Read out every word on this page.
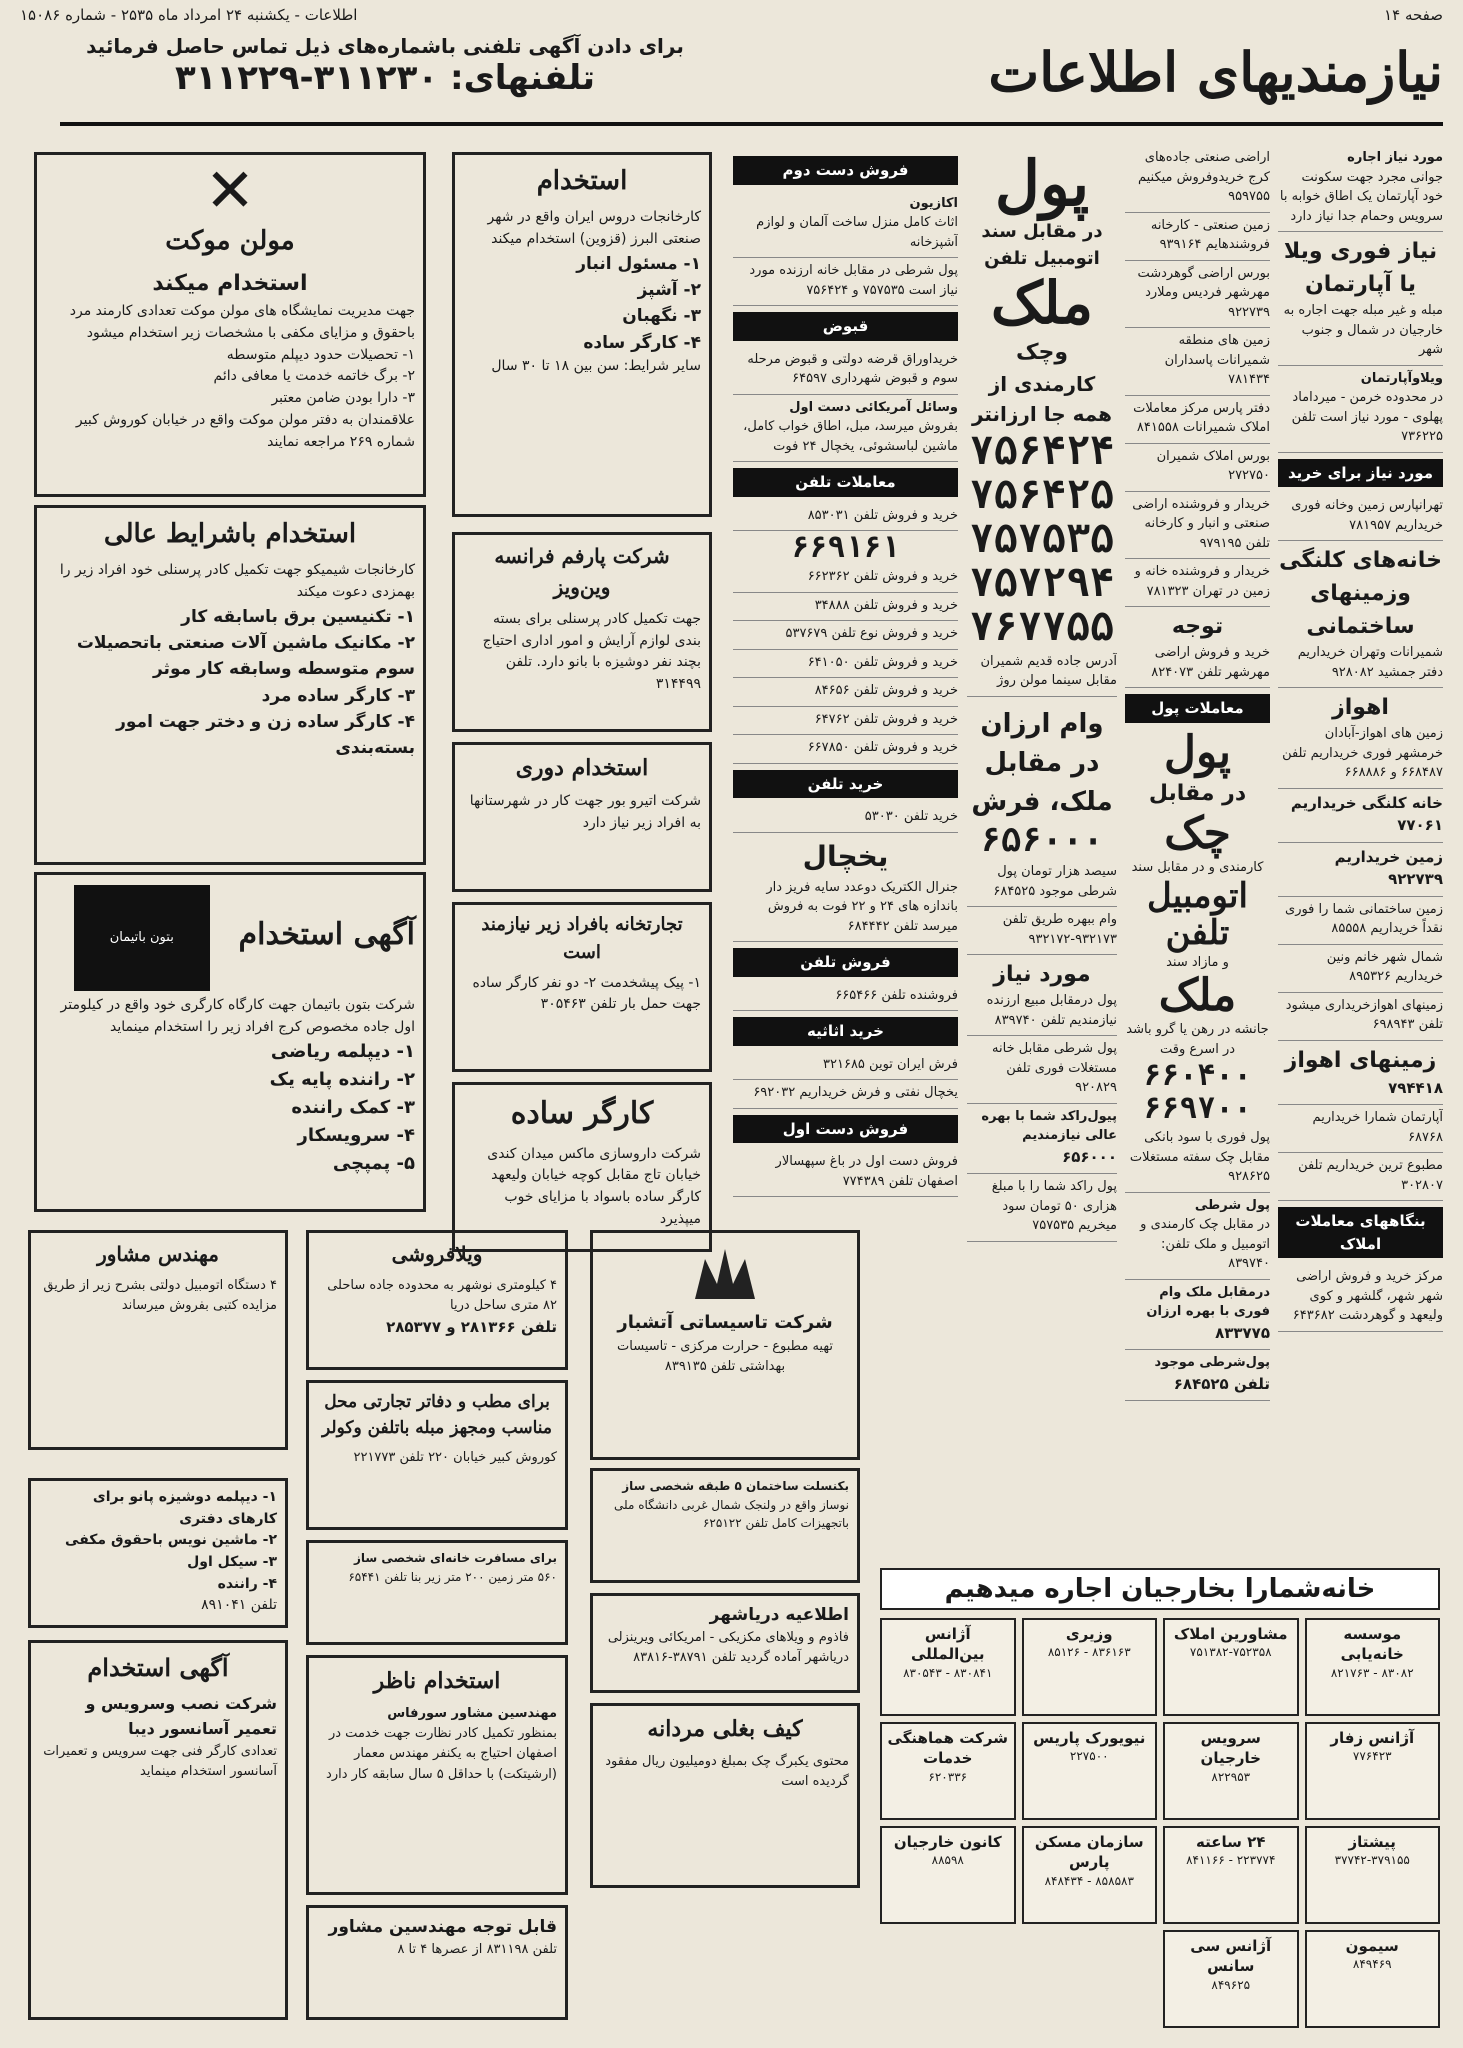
صفحه ۱۴
اطلاعات - یکشنبه ۲۴ امرداد ماه ۲۵۳۵ - شماره ۱۵۰۸۶
نیازمندیهای اطلاعات
برای دادن آگهی تلفنی باشماره‌های ذیل تماس حاصل فرمائید
تلفنهای: ۳۱۱۲۳۰-۳۱۱۲۲۹
مورد نیاز اجاره
جوانی مجرد جهت سکونت خود آپارتمان یک اطاق خوابه با سرویس وحمام جدا نیاز دارد
نیاز فوری ویلا یا آپارتمان
مبله و غیر مبله جهت اجاره به خارجیان در شمال و جنوب شهر
ویلاوآپارتمان
در محدوده خرمن - میرداماد پهلوی - مورد نیاز است تلفن ۷۳۶۲۲۵
مورد نیاز برای خرید
تهرانپارس زمین وخانه فوری خریداریم ۷۸۱۹۵۷
خانه‌های کلنگی وزمینهای ساختمانی
شمیرانات وتهران خریداریم دفتر جمشید ۹۲۸۰۸۲
اهواز
زمین های اهواز-آبادان خرمشهر فوری خریداریم تلفن ۶۶۸۴۸۷ و ۶۶۸۸۸۶
خانه کلنگی خریداریم ۷۷۰۶۱
زمین خریداریم ۹۲۲۷۳۹
زمین ساختمانی شما را فوری نقداً خریداریم ۸۵۵۵۸
شمال شهر خانم ونین خریداریم ۸۹۵۳۲۶
زمینهای اهوازخریداری میشود تلفن ۶۹۸۹۴۳
زمینهای اهواز
۷۹۴۴۱۸
آپارتمان شمارا خریداریم ۶۸۷۶۸
مطبوع ترین خریداریم تلفن ۳۰۲۸۰۷
بنگاههای معاملات املاک
مرکز خرید و فروش اراضی شهر شهر، گلشهر و کوی ولیعهد و گوهردشت ۶۴۳۶۸۲
اراضی صنعتی جاده‌های کرج خریدوفروش‌ میکنیم ۹۵۹۷۵۵
زمین صنعتی - کارخانه فروشندهایم ۹۳۹۱۶۴
بورس اراضی گوهردشت مهرشهر فردیس وملارد ۹۲۲۷۳۹
زمین های منطقه شمیرانات پاسداران ۷۸۱۴۳۴
دفتر پارس مرکز معاملات املاک شمیرانات ۸۴۱۵۵۸
بورس املاک شمیران ۲۷۲۷۵۰
خریدار و فروشنده اراضی صنعتی و انبار و کارخانه تلفن ۹۷۹۱۹۵
خریدار و فروشنده خانه و زمین در تهران ۷۸۱۳۲۳
توجه
خرید و فروش اراضی مهرشهر تلفن ۸۲۴۰۷۳
معاملات پول
پول
در مقابل
چک
کارمندی و در مقابل سند
اتومبیل
تلفن
و مازاد سند
ملک
جانشه در رهن یا گرو باشد در اسرع وقت
۶۶۰۴۰۰
۶۶۹۷۰۰
پول فوری با سود بانکی مقابل چک سفته مستغلات ۹۲۸۶۲۵
پول شرطی
در مقابل چک کارمندی و اتومبیل و ملک تلفن: ۸۳۹۷۴۰
درمقابل ملک وام فوری با بهره ارزان
۸۳۳۷۷۵
پول‌شرطی موجود
تلفن ۶۸۴۵۲۵
پول
در مقابل سند اتومبیل تلفن
ملک
وچک
کارمندی از همه جا ارزانتر
۷۵۶۴۲۴
۷۵۶۴۲۵
۷۵۷۵۳۵
۷۵۷۲۹۴
۷۶۷۷۵۵
آدرس جاده قدیم شمیران مقابل سینما مولن روژ
وام ارزان در مقابل ملک، فرش
۶۵۶۰۰۰
سیصد هزار تومان پول شرطی موجود ۶۸۴۵۲۵
وام ببهره طریق تلفن ۹۳۲۱۷۳-۹۳۲۱۷۲
مورد نیاز
پول درمقابل مبیع ارزنده نیازمندیم تلفن ۸۳۹۷۴۰
پول شرطی مقابل خانه مستغلات فوری تلفن ۹۲۰۸۲۹
پیول‌راکد شما با بهره عالی نیازمندیم
۶۵۶۰۰۰
پول راکد شما را با مبلغ هزاری ۵۰ تومان سود میخریم ۷۵۷۵۳۵
فروش دست دوم
اکازیون
اثاث کامل منزل ساخت آلمان و لوازم آشپزخانه
پول شرطی در مقابل خانه ارزنده مورد نیاز است ۷۵۷۵۳۵ و ۷۵۶۴۲۴
قبوض
خریداوراق قرضه دولتی و قبوض مرحله سوم و قبوض شهرداری ۶۴۵۹۷
وسائل آمریکائی دست اول
بفروش میرسد، مبل، اطاق خواب کامل، ماشین لباسشوئی، یخچال ۲۴ فوت
معاملات تلفن
خرید و فروش تلفن ۸۵۳۰۳۱
۶۶۹۱۶۱
خرید و فروش تلفن ۶۶۲۳۶۲
خرید و فروش تلفن ۳۴۸۸۸
خرید و فروش نوع تلفن ۵۳۷۶۷۹
خرید و فروش تلفن ۶۴۱۰۵۰
خرید و فروش تلفن ۸۴۶۵۶
خرید و فروش تلفن ۶۴۷۶۲
خرید و فروش تلفن ۶۶۷۸۵۰
خرید تلفن
خرید تلفن ۵۳۰۳۰
یخچال
جنرال الکتریک دوعدد سایه فریز دار باندازه های ۲۴ و ۲۲ فوت به فروش میرسد تلفن ۶۸۴۴۴۲
فروش تلفن
فروشنده تلفن ۶۶۵۴۶۶
خرید اثاثیه
فرش ایران توین ۳۲۱۶۸۵
یخچال نفتی و فرش خریداریم ۶۹۲۰۳۲
فروش دست اول
فروش دست اول در باغ سپهسالار اصفهان تلفن ۷۷۴۳۸۹
استخدام
کارخانجات دروس ایران واقع در شهر صنعتی البرز (قزوین) استخدام میکند
۱- مسئول انبار
۲- آشپز
۳- نگهبان
۴- کارگر ساده
سایر شرایط: سن بین ۱۸ تا ۳۰ سال
شرکت پارفم فرانسه وین‌ویز
جهت تکمیل کادر پرسنلی برای بسته بندی لوازم آرایش و امور اداری احتیاج بچند نفر دوشیزه با بانو دارد. تلفن ۳۱۴۴۹۹
استخدام دوری
شرکت اتیرو بور جهت کار در شهرستانها به افراد زیر نیاز دارد
تجارتخانه بافراد زیر نیازمند است
۱- پیک پیشخدمت ۲- دو نفر کارگر ساده جهت حمل بار تلفن ۳۰۵۴۶۳
کارگر ساده
شرکت داروسازی ماکس میدان کندی خیابان تاج مقابل کوچه خیابان ولیعهد کارگر ساده باسواد با مزایای خوب میپذیرد
✕
مولن موکت
استخدام میکند
جهت مدیریت نمایشگاه های مولن موکت تعدادی کارمند مرد باحقوق و مزایای مکفی با مشخصات زیر استخدام میشود
۱- تحصیلات حدود دیپلم متوسطه
۲- برگ خاتمه خدمت یا معافی دائم
۳- دارا بودن ضامن معتبر
علاقمندان به دفتر مولن موکت واقع در خیابان کوروش کبیر شماره ۲۶۹ مراجعه نمایند
استخدام باشرایط عالی
کارخانجات شیمیکو جهت تکمیل کادر پرسنلی خود افراد زیر را بهمزدی‌ دعوت میکند
۱- تکنیسین برق باسابقه کار
۲- مکانیک ماشین آلات صنعتی باتحصیلات سوم متوسطه وسابقه کار موثر
۳- کارگر ساده مرد
۴- کارگر ساده زن و دختر جهت امور بسته‌بندی
آگهی استخدام
بتون باتیمان
شرکت بتون باتیمان جهت کارگاه کارگری خود واقع در کیلومتر اول جاده مخصوص کرج افراد زیر را استخدام مینماید
۱- دیپلمه ریاضی
۲- راننده پایه یک
۳- کمک راننده
۴- سرویسکار
۵- پمپچی
مهندس مشاور
۴ دستگاه اتومبیل دولتی بشرح زیر از طریق مزایده کتبی بفروش میرساند
ویلافروشی
۴ کیلومتری نوشهر به محدوده جاده ساحلی ۸۲ متری ساحل دریا
تلفن ۲۸۱۳۶۶ و ۲۸۵۳۷۷	شرکت تاسیساتی آتشبار
تهیه مطبوع - حرارت مرکزی - تاسیسات بهداشتی تلفن ۸۳۹۱۳۵
برای مطب و دفاتر تجارتی محل مناسب ومجهز مبله باتلفن وکولر
کوروش کبیر خیابان ۲۲۰ تلفن ۲۲۱۷۷۳
بکنسلت ساختمان ۵ طبقه شخصی ساز
نوساز واقع در ولنجک شمال غربی دانشگاه ملی باتجهیزات کامل تلفن ۶۲۵۱۲۲
۱- دیپلمه دوشیزه پانو برای کارهای دفتری
۲- ماشین نویس باحقوق مکفی
۳- سیکل اول
۴- راننده
تلفن ۸۹۱۰۴۱
برای مسافرت خانه‌ای شخصی ساز
۵۶۰ متر زمین ۲۰۰ متر زیر بنا تلفن ۶۵۴۴۱
اطلاعیه دریاشهر
فاذوم و ویلاهای مکزیکی - امریکائی ویرینزلی دریاشهر آماده گردید تلفن ۳۸۷۹۱-۸۳۸۱۶
استخدام ناظر
مهندسین مشاور سورفاس
بمنظور تکمیل کادر نظارت جهت خدمت در اصفهان احتیاج به یکنفر مهندس معمار (ارشیتکت) با حداقل ۵ سال سابقه کار دارد
آگهی استخدام
شرکت نصب وسرویس و تعمیر آسانسور دیبا
تعدادی کارگر فنی جهت سرویس و تعمیرات آسانسور استخدام مینماید
قابل توجه مهندسین مشاور
تلفن ۸۳۱۱۹۸ از عصرها ۴ تا ۸
کیف بغلی مردانه
محتوی یکبرگ چک بمبلغ دومیلیون ریال مفقود گردیده است
خانه‌شمارا بخارجیان اجاره میدهیم
موسسه خانه‌یابی
۸۳۰۸۲ - ۸۲۱۷۶۳
مشاورین املاک
۷۵۱۳۸۲-۷۵۲۳۵۸
وزیری
۸۳۶۱۶۳ - ۸۵۱۲۶
آژانس بین‌المللی
۸۳۰۸۴۱ - ۸۳۰۵۴۳
آژانس زفار
۷۷۶۴۲۳
سرویس خارجیان
۸۲۲۹۵۳
نیویورک پاریس
۲۲۷۵۰۰
شرکت هماهنگی خدمات
۶۲۰۳۳۶
پیشتاز
۳۷۷۴۲-۳۷۹۱۵۵
۲۴ ساعته
۲۲۳۷۷۴ - ۸۴۱۱۶۶
سازمان مسکن پارس
۸۵۸۵۸۳ - ۸۴۸۴۳۴
کانون خارجیان
۸۸۵۹۸
سیمون
۸۴۹۴۶۹
آژانس سی سانس
۸۴۹۶۲۵
